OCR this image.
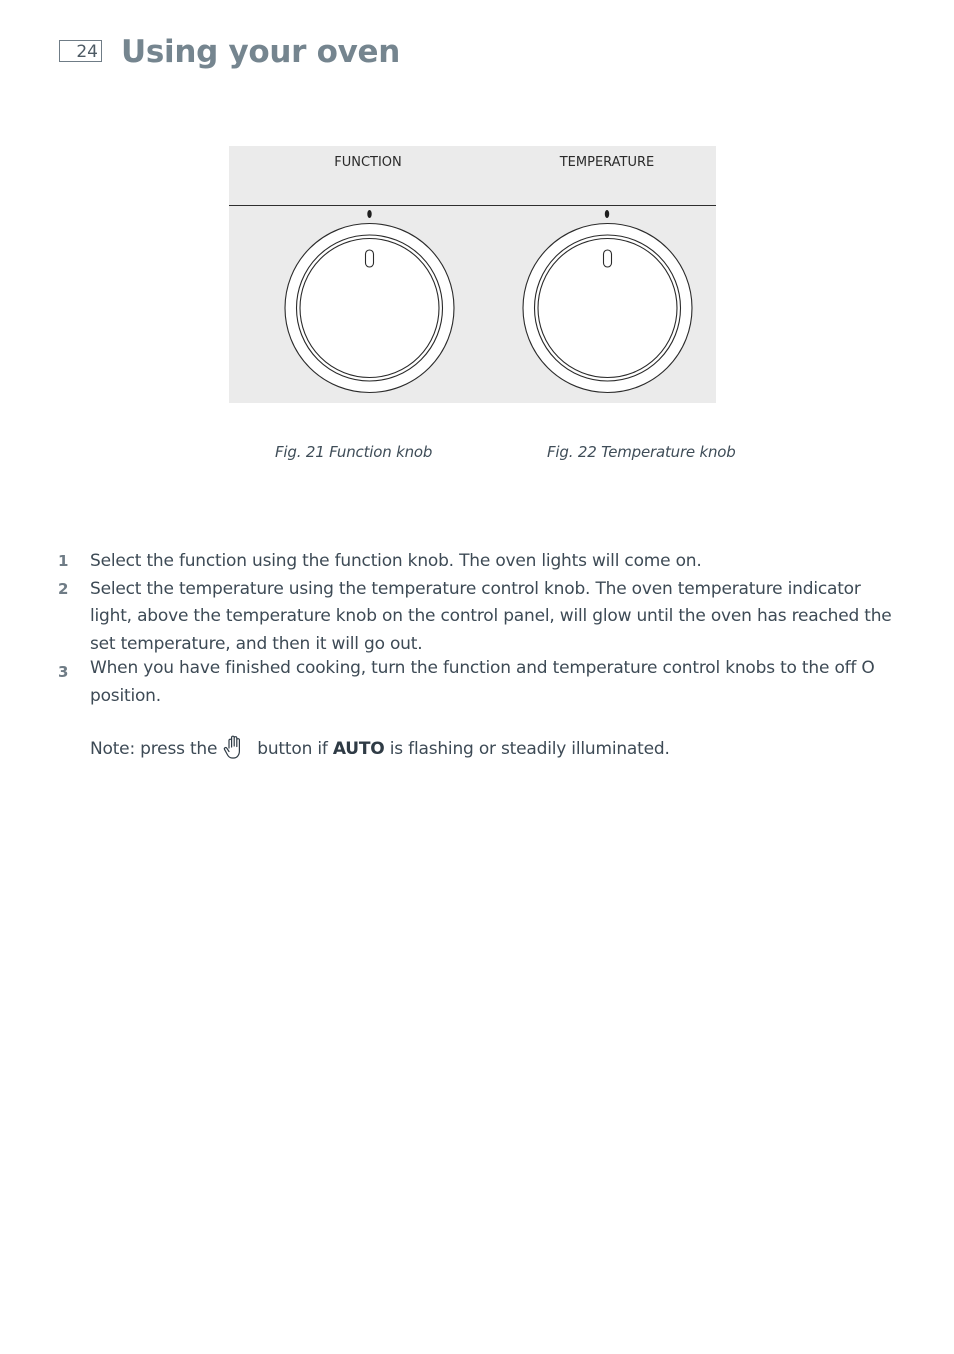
24 Using your oven
FUNCTION	TEMPERATURE
Fig. 21 Function knob	Fig. 22 Temperature knob
1 Select the function using the function knob. The oven lights will come on.
2 Select the temperature using the temperature control knob. The oven temperature indicator light, above the temperature knob on the control panel, will glow until the oven has reached the set temperature, and then it will go out.
3 When you have finished cooking, turn the function and temperature control knobs to the off O position.
Note: press the button if AUTO is flashing or steadily illuminated.
